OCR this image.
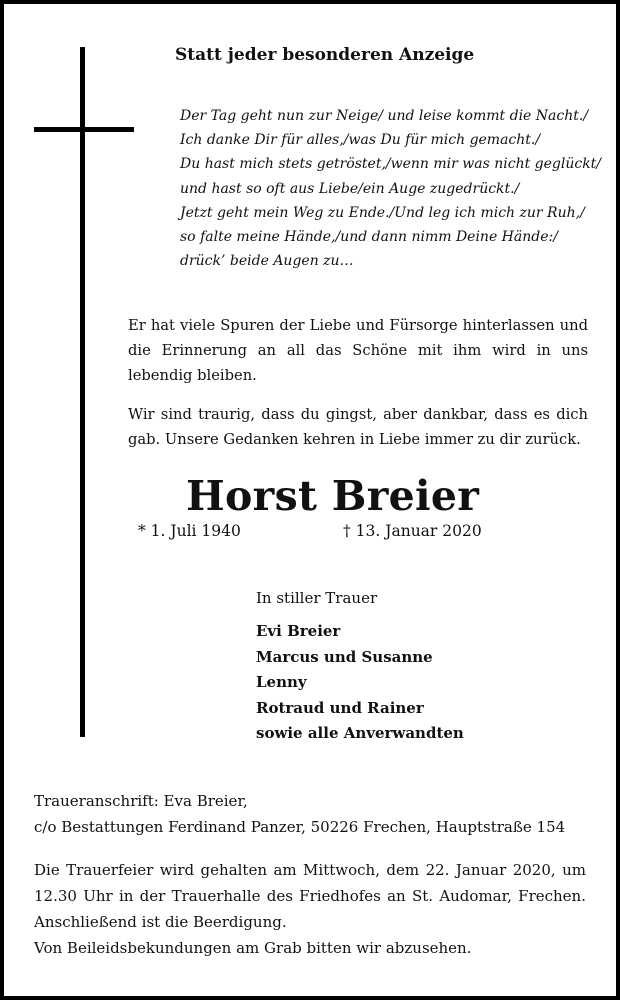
Statt jeder besonderen Anzeige
Der Tag geht nun zur Neige/ und leise kommt die Nacht./
Ich danke Dir für alles,/was Du für mich gemacht./
Du hast mich stets getröstet,/wenn mir was nicht geglückt/
und hast so oft aus Liebe/ein Auge zugedrückt./
Jetzt geht mein Weg zu Ende./Und leg ich mich zur Ruh,/
so falte meine Hände,/und dann nimm Deine Hände:/
drück’ beide Augen zu…
Er hat viele Spuren der Liebe und Fürsorge hinterlassen und die Erinnerung an all das Schöne mit ihm wird in uns lebendig bleiben.
Wir sind traurig, dass du gingst, aber dankbar, dass es dich gab. Unsere Gedanken kehren in Liebe immer zu dir zurück.
Horst Breier
* 1. Juli 1940	† 13. Januar 2020
In stiller Trauer
Evi Breier
Marcus und Susanne
Lenny
Rotraud und Rainer
sowie alle Anverwandten
Traueranschrift: Eva Breier,
c/o Bestattungen Ferdinand Panzer, 50226 Frechen, Hauptstraße 154
Die Trauerfeier wird gehalten am Mittwoch, dem 22. Januar 2020, um 12.30 Uhr in der Trauerhalle des Friedhofes an St. Audomar, Frechen. Anschließend ist die Beerdigung.
Von Beileidsbekundungen am Grab bitten wir abzusehen.
